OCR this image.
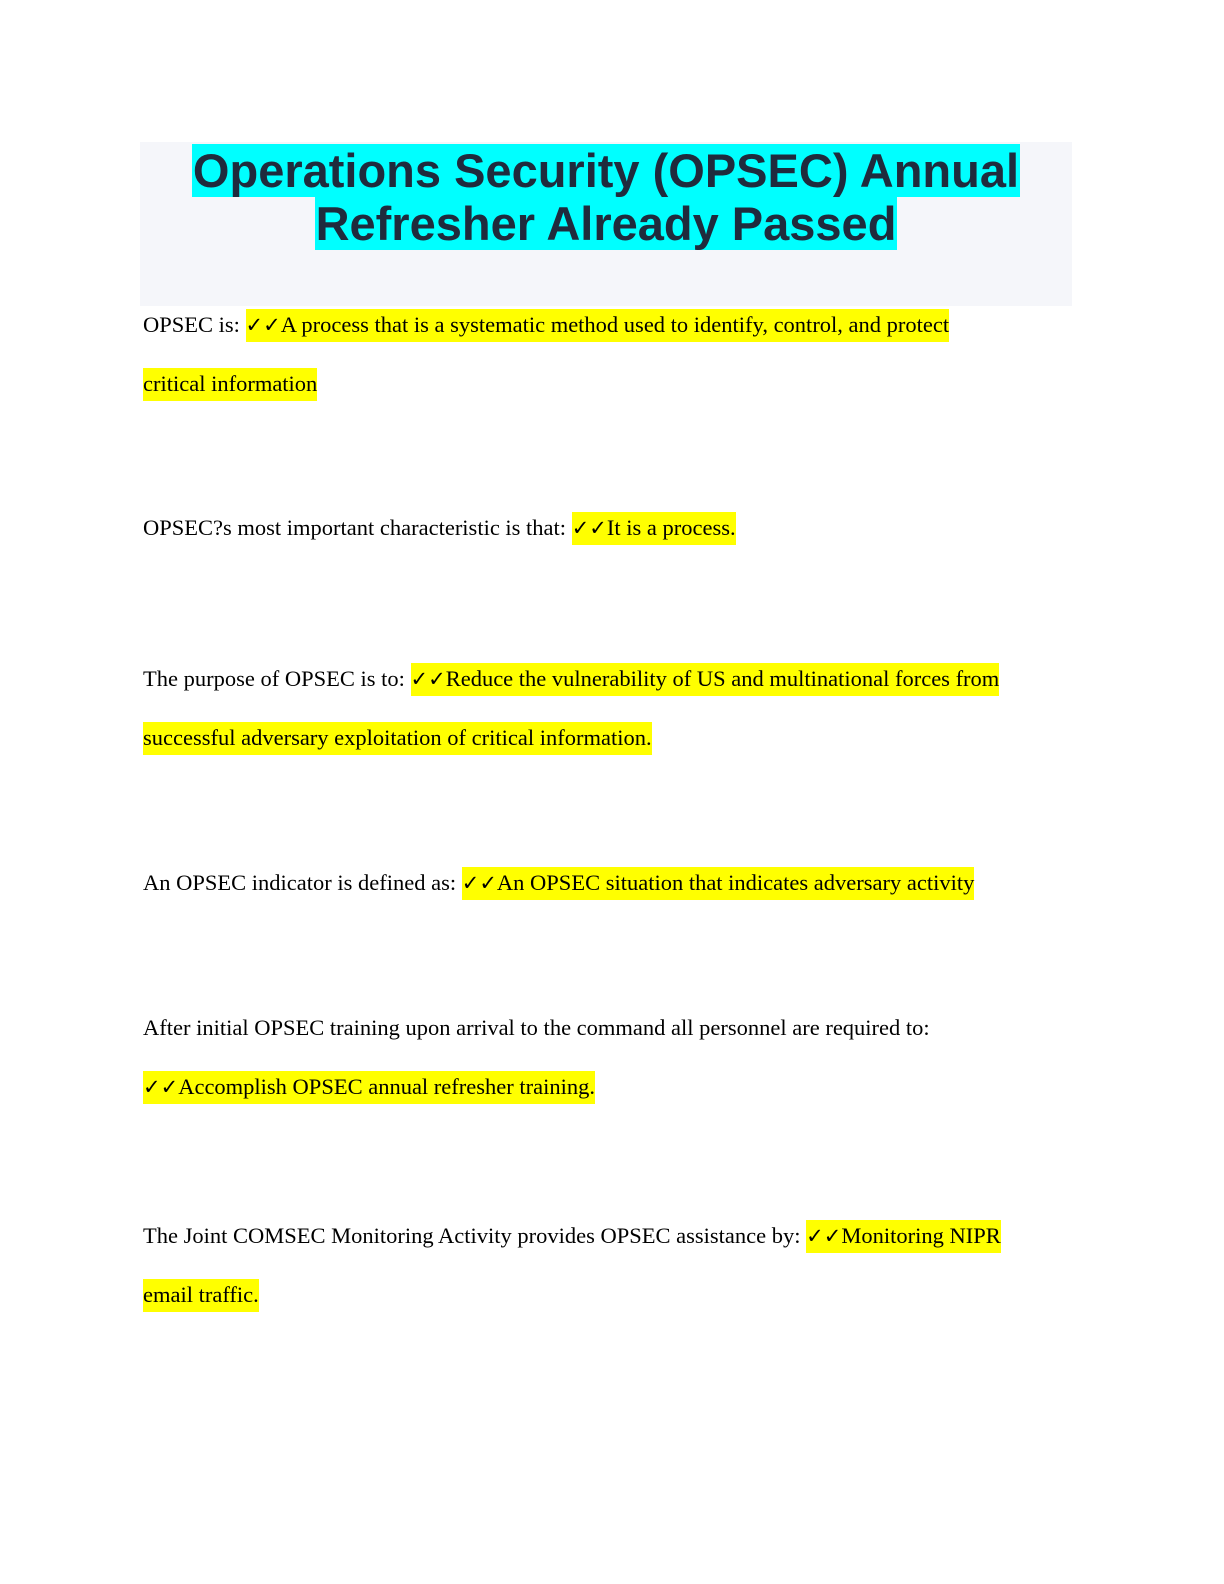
Operations Security (OPSEC) Annual
Refresher Already Passed
OPSEC is: ✓✓A process that is a systematic method used to identify, control, and protect
critical information
OPSEC?s most important characteristic is that: ✓✓It is a process.
The purpose of OPSEC is to: ✓✓Reduce the vulnerability of US and multinational forces from
successful adversary exploitation of critical information.
An OPSEC indicator is defined as: ✓✓An OPSEC situation that indicates adversary activity
After initial OPSEC training upon arrival to the command all personnel are required to:
✓✓Accomplish OPSEC annual refresher training.
The Joint COMSEC Monitoring Activity provides OPSEC assistance by: ✓✓Monitoring NIPR
email traffic.
